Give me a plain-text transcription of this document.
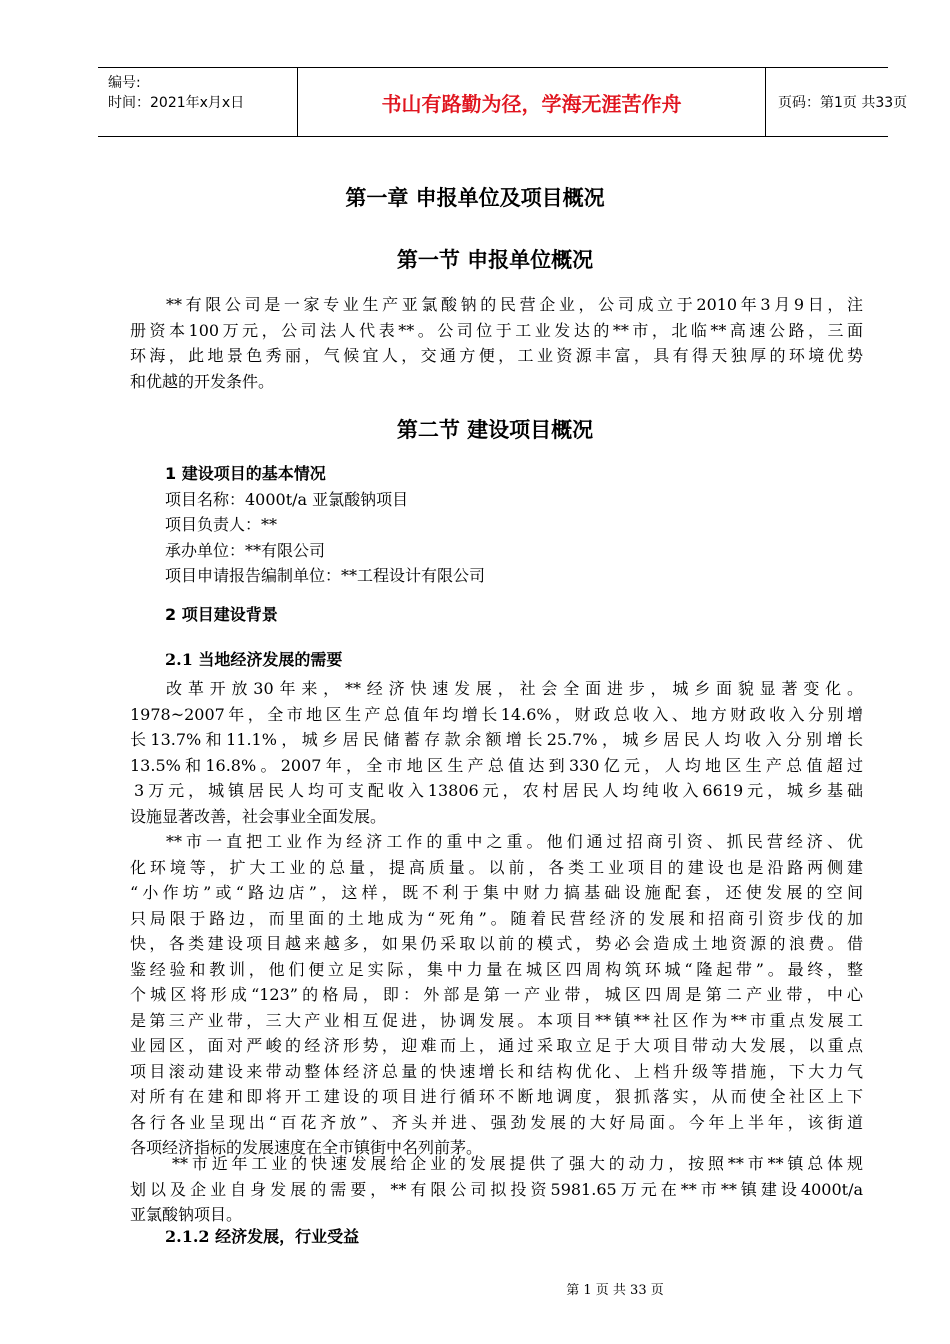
编号:
时间：2021年x月x日	书山有路勤为径，学海无涯苦作舟	页码：第1页 共33页
第一章 申报单位及项目概况
第一节 申报单位概况
**有限公司是一家专业生产亚氯酸钠的民营企业，公司成立于2010年3月9日，注
册资本100万元，公司法人代表**。公司位于工业发达的**市，北临**高速公路，三面
环海，此地景色秀丽，气候宜人，交通方便，工业资源丰富，具有得天独厚的环境优势
和优越的开发条件。
第二节 建设项目概况
1 建设项目的基本情况
项目名称：4000t/a 亚氯酸钠项目
项目负责人：**
承办单位：**有限公司
项目申请报告编制单位：**工程设计有限公司
2 项目建设背景
2.1 当地经济发展的需要
改革开放30年来，**经济快速发展，社会全面进步，城乡面貌显著变化。
1978~2007年，全市地区生产总值年均增长14.6%，财政总收入、地方财政收入分别增
长13.7%和11.1%，城乡居民储蓄存款余额增长25.7%，城乡居民人均收入分别增长
13.5%和16.8%。2007年，全市地区生产总值达到330亿元，人均地区生产总值超过
3万元，城镇居民人均可支配收入13806元，农村居民人均纯收入6619元，城乡基础
设施显著改善，社会事业全面发展。
**市一直把工业作为经济工作的重中之重。他们通过招商引资、抓民营经济、优
化环境等，扩大工业的总量，提高质量。以前，各类工业项目的建设也是沿路两侧建
“小作坊”或“路边店”，这样，既不利于集中财力搞基础设施配套，还使发展的空间
只局限于路边，而里面的土地成为“死角”。随着民营经济的发展和招商引资步伐的加
快，各类建设项目越来越多，如果仍采取以前的模式，势必会造成土地资源的浪费。借
鉴经验和教训，他们便立足实际，集中力量在城区四周构筑环城“隆起带”。最终，整
个城区将形成“123”的格局，即：外部是第一产业带，城区四周是第二产业带，中心
是第三产业带，三大产业相互促进，协调发展。本项目**镇**社区作为**市重点发展工
业园区，面对严峻的经济形势，迎难而上，通过采取立足于大项目带动大发展，以重点
项目滚动建设来带动整体经济总量的快速增长和结构优化、上档升级等措施，下大力气
对所有在建和即将开工建设的项目进行循环不断地调度，狠抓落实，从而使全社区上下
各行各业呈现出“百花齐放”、齐头并进、强劲发展的大好局面。今年上半年，该街道
各项经济指标的发展速度在全市镇街中名列前茅。
**市近年工业的快速发展给企业的发展提供了强大的动力，按照**市**镇总体规
划以及企业自身发展的需要，**有限公司拟投资5981.65万元在**市**镇建设4000t/a
亚氯酸钠项目。
2.1.2 经济发展，行业受益
第 1 页 共 33 页
